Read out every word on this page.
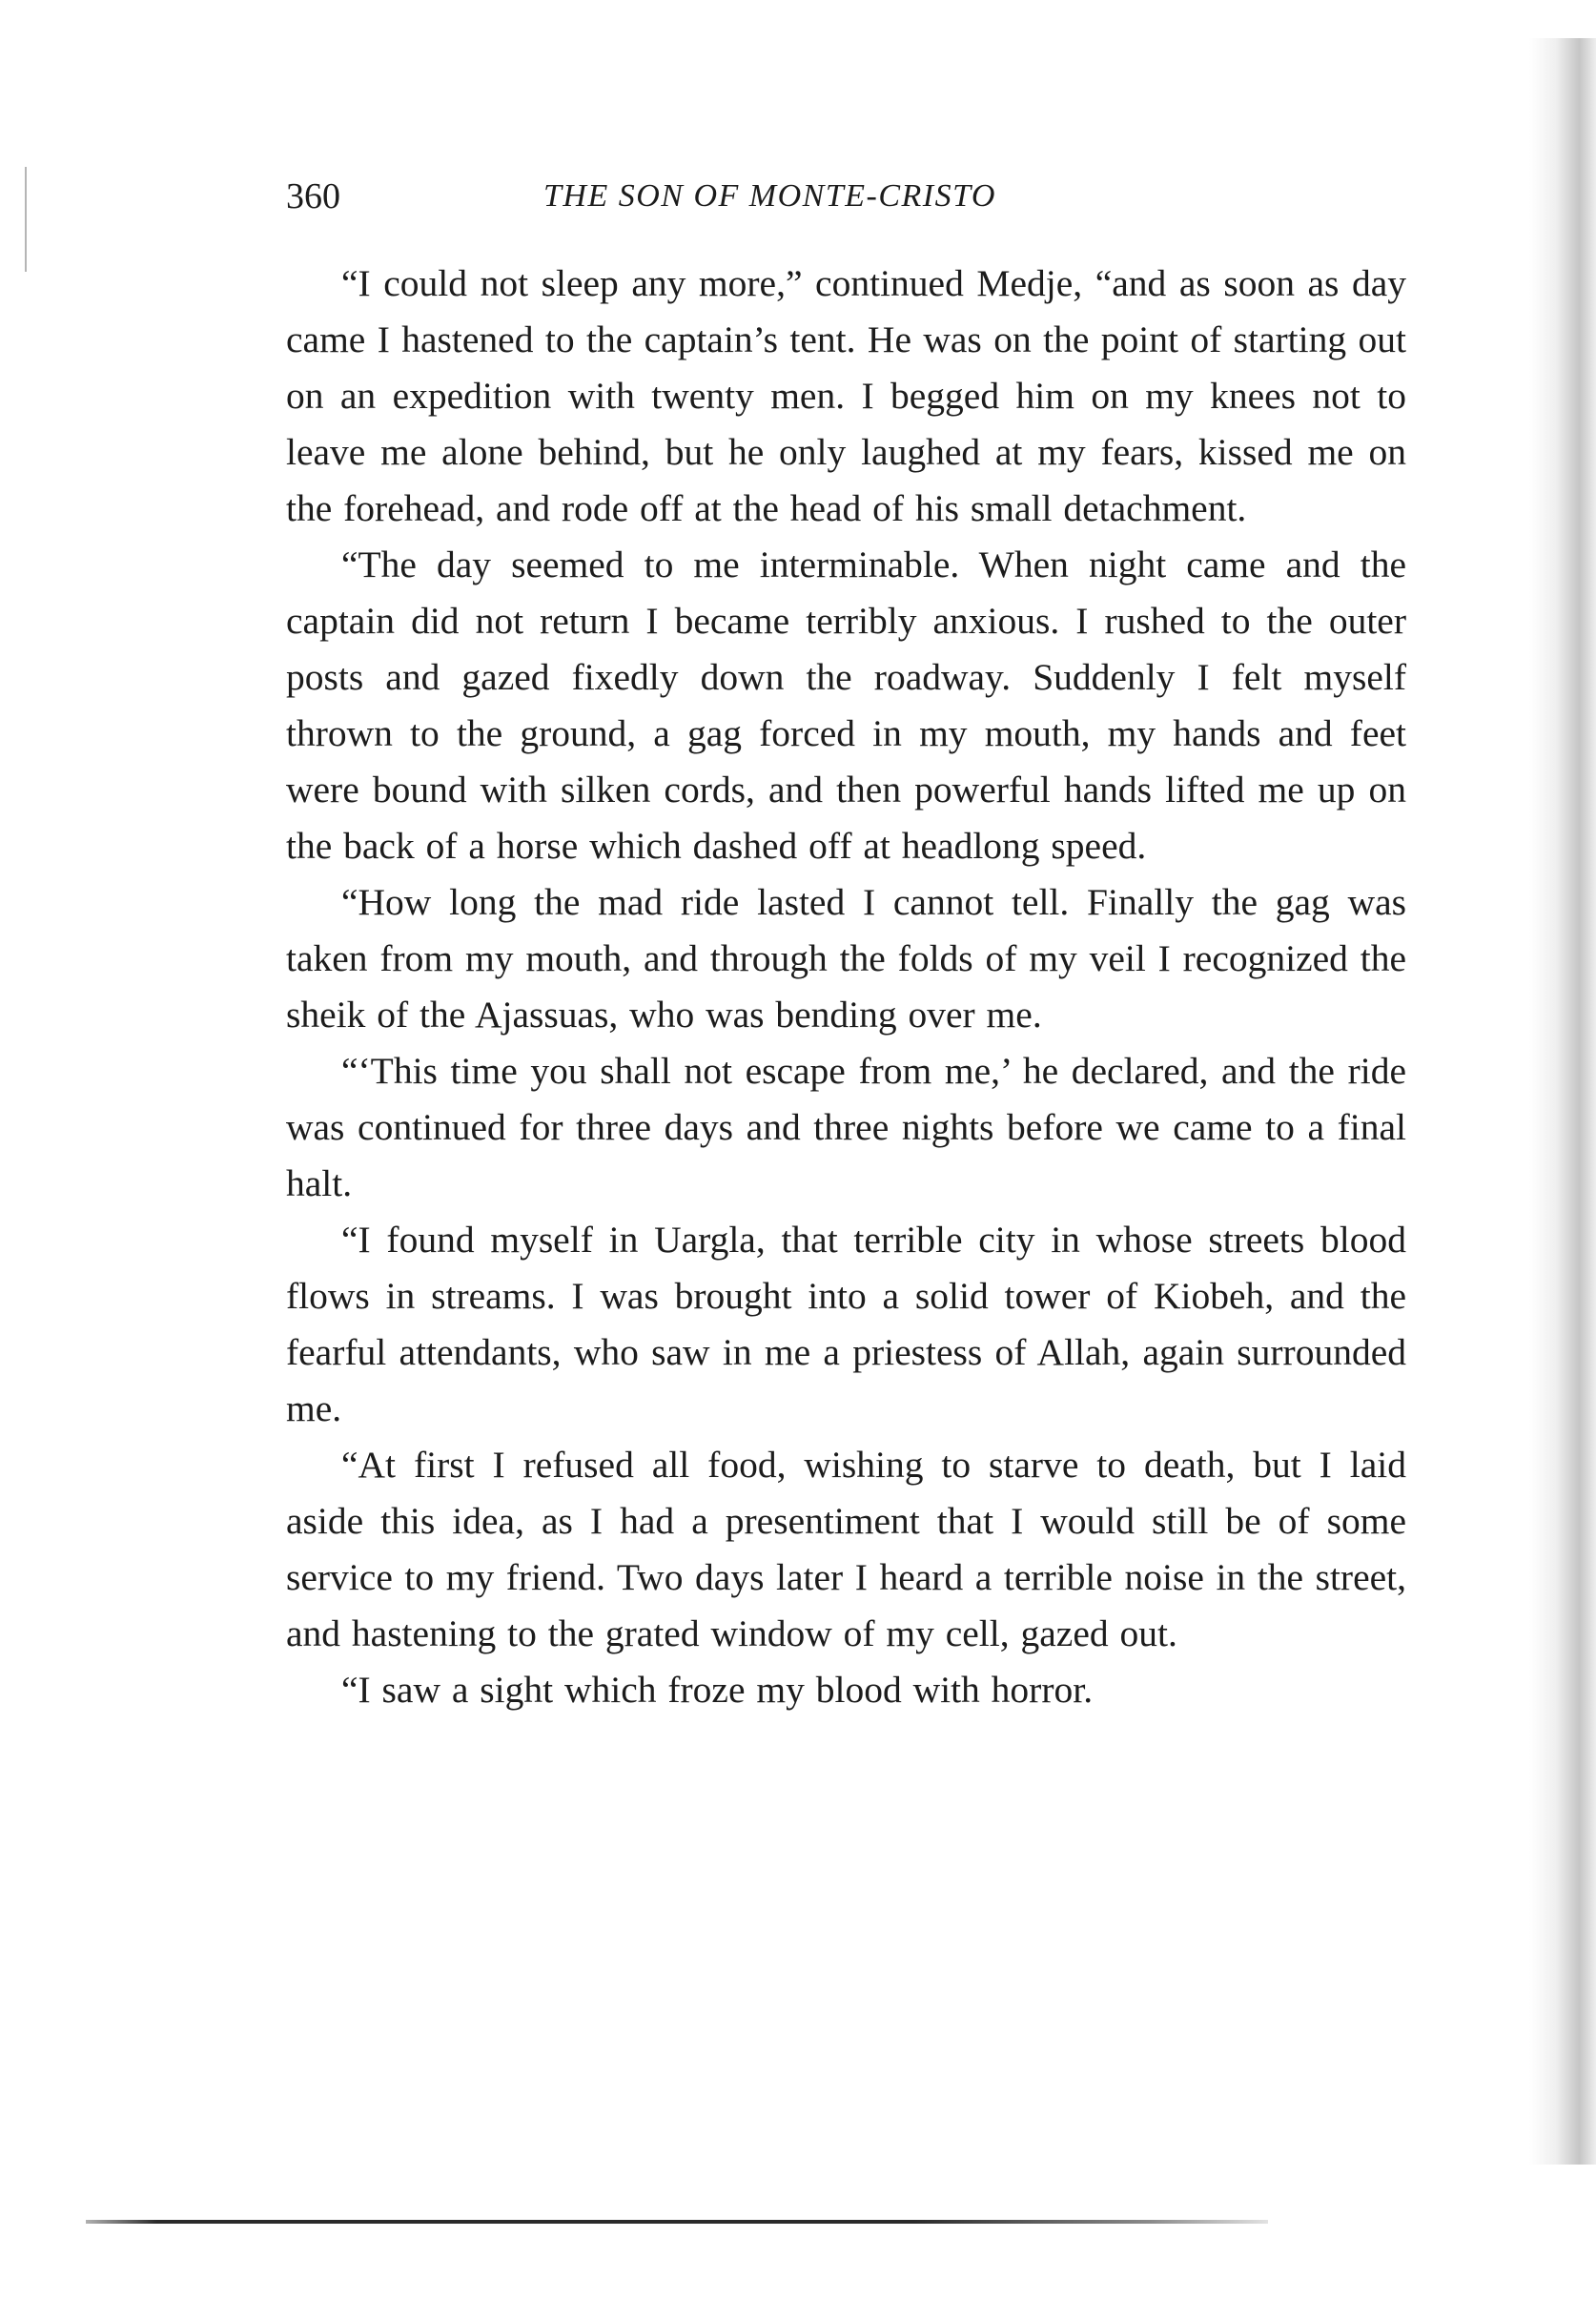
360	THE SON OF MONTE-CRISTO

“I could not sleep any more,” continued Medje, “and as soon as day came I hastened to the captain’s tent. He was on the point of starting out on an expedition with twenty men. I begged him on my knees not to leave me alone behind, but he only laughed at my fears, kissed me on the forehead, and rode off at the head of his small detachment.

“The day seemed to me interminable. When night came and the captain did not return I became terribly anxious. I rushed to the outer posts and gazed fixedly down the roadway. Suddenly I felt myself thrown to the ground, a gag forced in my mouth, my hands and feet were bound with silken cords, and then powerful hands lifted me up on the back of a horse which dashed off at headlong speed.

“How long the mad ride lasted I cannot tell. Finally the gag was taken from my mouth, and through the folds of my veil I recognized the sheik of the Ajassuas, who was bending over me.

“‘This time you shall not escape from me,’ he declared, and the ride was continued for three days and three nights before we came to a final halt.

“I found myself in Uargla, that terrible city in whose streets blood flows in streams. I was brought into a solid tower of Kiobeh, and the fearful attendants, who saw in me a priestess of Allah, again surrounded me.

“At first I refused all food, wishing to starve to death, but I laid aside this idea, as I had a presentiment that I would still be of some service to my friend. Two days later I heard a terrible noise in the street, and hastening to the grated window of my cell, gazed out.

“I saw a sight which froze my blood with horror.
